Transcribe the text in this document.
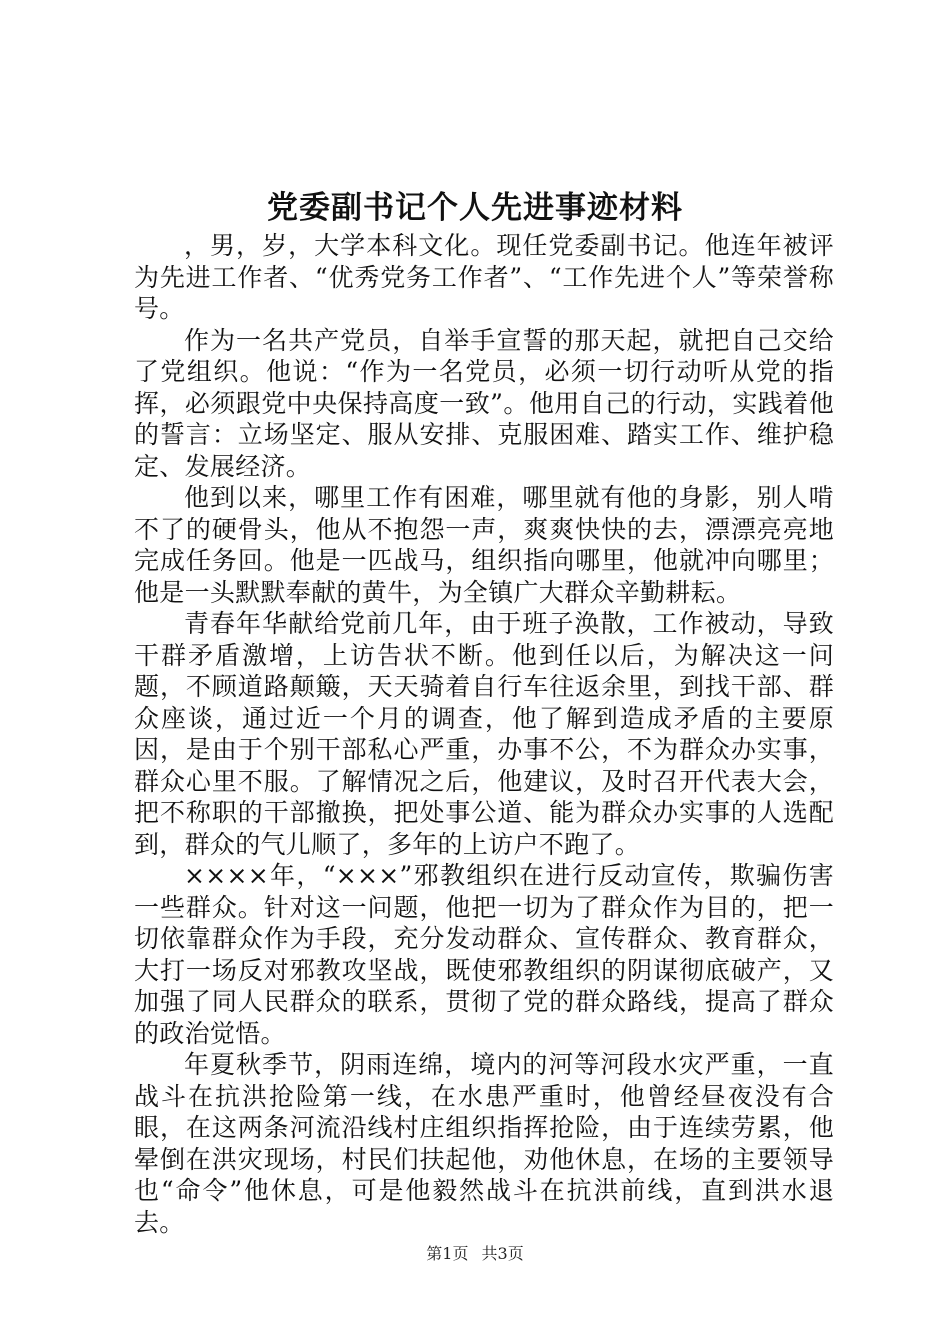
党委副书记个人先进事迹材料

，男，岁，大学本科文化。现任党委副书记。他连年被评为先进工作者、“优秀党务工作者”、“工作先进个人”等荣誉称号。

作为一名共产党员，自举手宣誓的那天起，就把自己交给了党组织。他说：“作为一名党员，必须一切行动听从党的指挥，必须跟党中央保持高度一致”。他用自己的行动，实践着他的誓言：立场坚定、服从安排、克服困难、踏实工作、维护稳定、发展经济。

他到以来，哪里工作有困难，哪里就有他的身影，别人啃不了的硬骨头，他从不抱怨一声，爽爽快快的去，漂漂亮亮地完成任务回。他是一匹战马，组织指向哪里，他就冲向哪里；他是一头默默奉献的黄牛，为全镇广大群众辛勤耕耘。

青春年华献给党前几年，由于班子涣散，工作被动，导致干群矛盾激增，上访告状不断。他到任以后，为解决这一问题，不顾道路颠簸，天天骑着自行车往返余里，到找干部、群众座谈，通过近一个月的调查，他了解到造成矛盾的主要原因，是由于个别干部私心严重，办事不公，不为群众办实事，群众心里不服。了解情况之后，他建议，及时召开代表大会，把不称职的干部撤换，把处事公道、能为群众办实事的人选配到，群众的气儿顺了，多年的上访户不跑了。

××××年，“×××”邪教组织在进行反动宣传，欺骗伤害一些群众。针对这一问题，他把一切为了群众作为目的，把一切依靠群众作为手段，充分发动群众、宣传群众、教育群众，大打一场反对邪教攻坚战，既使邪教组织的阴谋彻底破产，又加强了同人民群众的联系，贯彻了党的群众路线，提高了群众的政治觉悟。

年夏秋季节，阴雨连绵，境内的河等河段水灾严重，一直战斗在抗洪抢险第一线，在水患严重时，他曾经昼夜没有合眼，在这两条河流沿线村庄组织指挥抢险，由于连续劳累，他晕倒在洪灾现场，村民们扶起他，劝他休息，在场的主要领导也“命令”他休息，可是他毅然战斗在抗洪前线，直到洪水退去。

第1页 共3页
